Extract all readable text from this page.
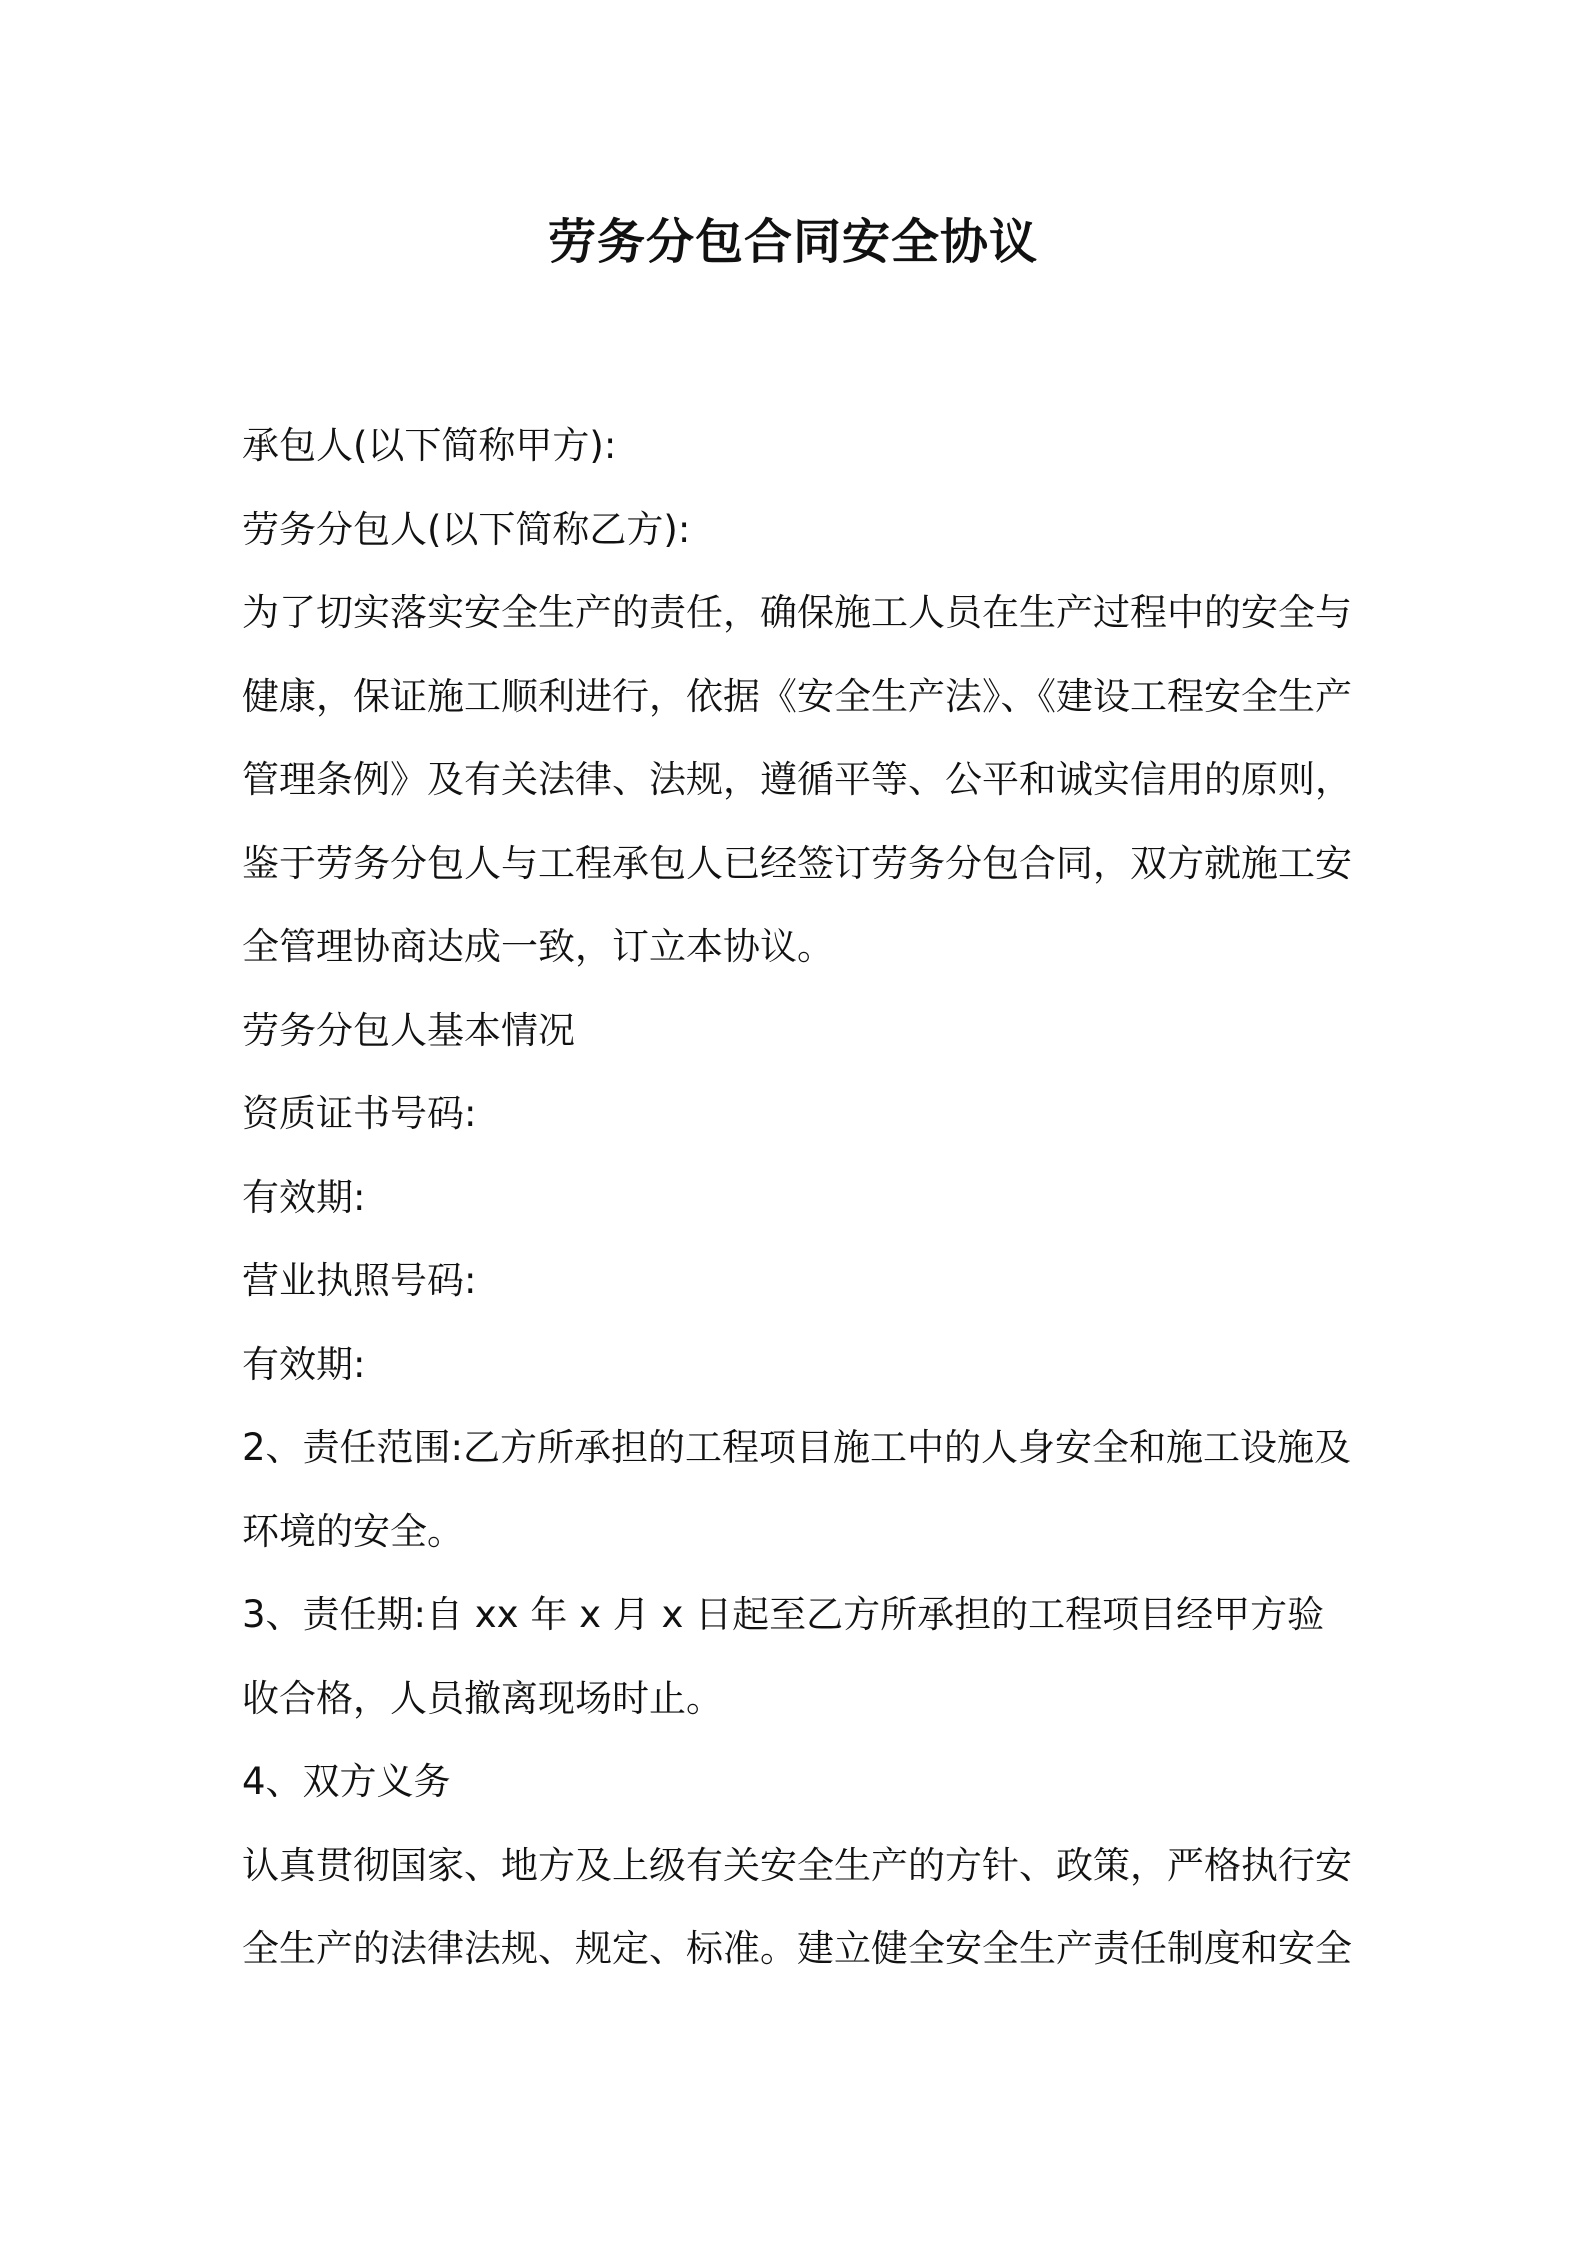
劳务分包合同安全协议

承包人(以下简称甲方):

劳务分包人(以下简称乙方):

为了切实落实安全生产的责任，确保施工人员在生产过程中的安全与健康，保证施工顺利进行，依据《安全生产法》、《建设工程安全生产管理条例》及有关法律、法规，遵循平等、公平和诚实信用的原则，鉴于劳务分包人与工程承包人已经签订劳务分包合同，双方就施工安全管理协商达成一致，订立本协议。

劳务分包人基本情况

资质证书号码:

有效期:

营业执照号码:

有效期:

2、责任范围:乙方所承担的工程项目施工中的人身安全和施工设施及环境的安全。

3、责任期:自 xx 年 x 月 x 日起至乙方所承担的工程项目经甲方验收合格，人员撤离现场时止。

4、双方义务

认真贯彻国家、地方及上级有关安全生产的方针、政策，严格执行安全生产的法律法规、规定、标准。建立健全安全生产责任制度和安全
